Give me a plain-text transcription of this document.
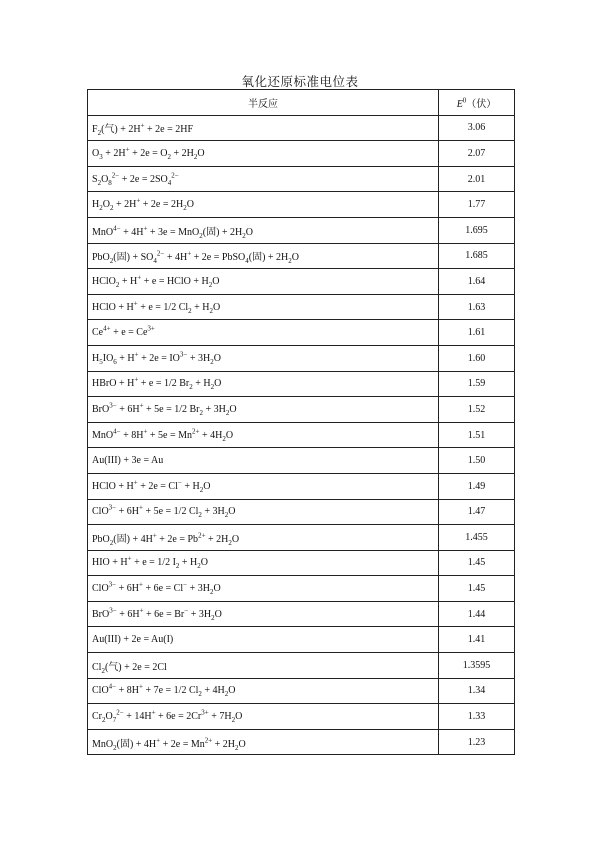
氧化还原标准电位表
半反应	$E^0$（伏）
$F_2$(气) + 2H+ + 2e = 2HF	3.06
$O_3 + 2H^+ + 2e = O_2 + 2H_2O$	2.07
$S_2O_8^{2-} + 2e = 2SO_4^{2-}$	2.01
$H_2O_2 + 2H^+ + 2e = 2H_2O$	1.77
MnO$^{4-}$ + 4H+ + 3e = MnO$_2$(固) + $2H_2O$	1.695
PbO$_2$(固) + $SO_4^{2-} + 4H^+ + 2e$ = PbSO$_4$(固) + $2H_2O$	1.685
HClO$_2$ + H+ + e = HClO + $H_2O$	1.64
HClO + H+ + e = 1/2 $Cl_2 + H_2O$	1.63
$Ce^{4+} + e = Ce^{3+}$	1.61
$H_5IO_6 + H^+ + 2e = IO^{3-} + 3H_2O$	1.60
HBrO + H+ + e = 1/2 $Br_2 + H_2O$	1.59
BrO$^{3-}$ + 6H+ + 5e = 1/2 $Br_2 + 3H_2O$	1.52
$MnO^{4-} + 8H^+ + 5e = Mn^{2+} + 4H_2O$	1.51
Au(III) + 3e = Au	1.50
HClO + $H^+ + 2e = Cl^- + H_2O$	1.49
ClO$^{3-}$ + 6H+ + 5e = 1/2 $Cl_2 + 3H_2O$	1.47
PbO$_2$(固) + $4H^+ + 2e = Pb^{2+} + 2H_2O$	1.455
HIO + H+ + e = 1/2 $I_2 + H_2O$	1.45
$ClO^{3-} + 6H^+ + 6e = Cl^- + 3H_2O$	1.45
$BrO^{3-} + 6H^+ + 6e = Br^- + 3H_2O$	1.44
Au(III) + 2e = Au(I)	1.41
$Cl_2$(气) + 2e = 2Cl	1.3595
ClO$^{4-}$ + 8H+ + 7e = 1/2 $Cl_2 + 4H_2O$	1.34
$Cr_2O_7^{2-} + 14H^+ + 6e = 2Cr^{3+} + 7H_2O$	1.33
MnO$_2$(固) + $4H^+ + 2e = Mn^{2+} + 2H_2O$	1.23
